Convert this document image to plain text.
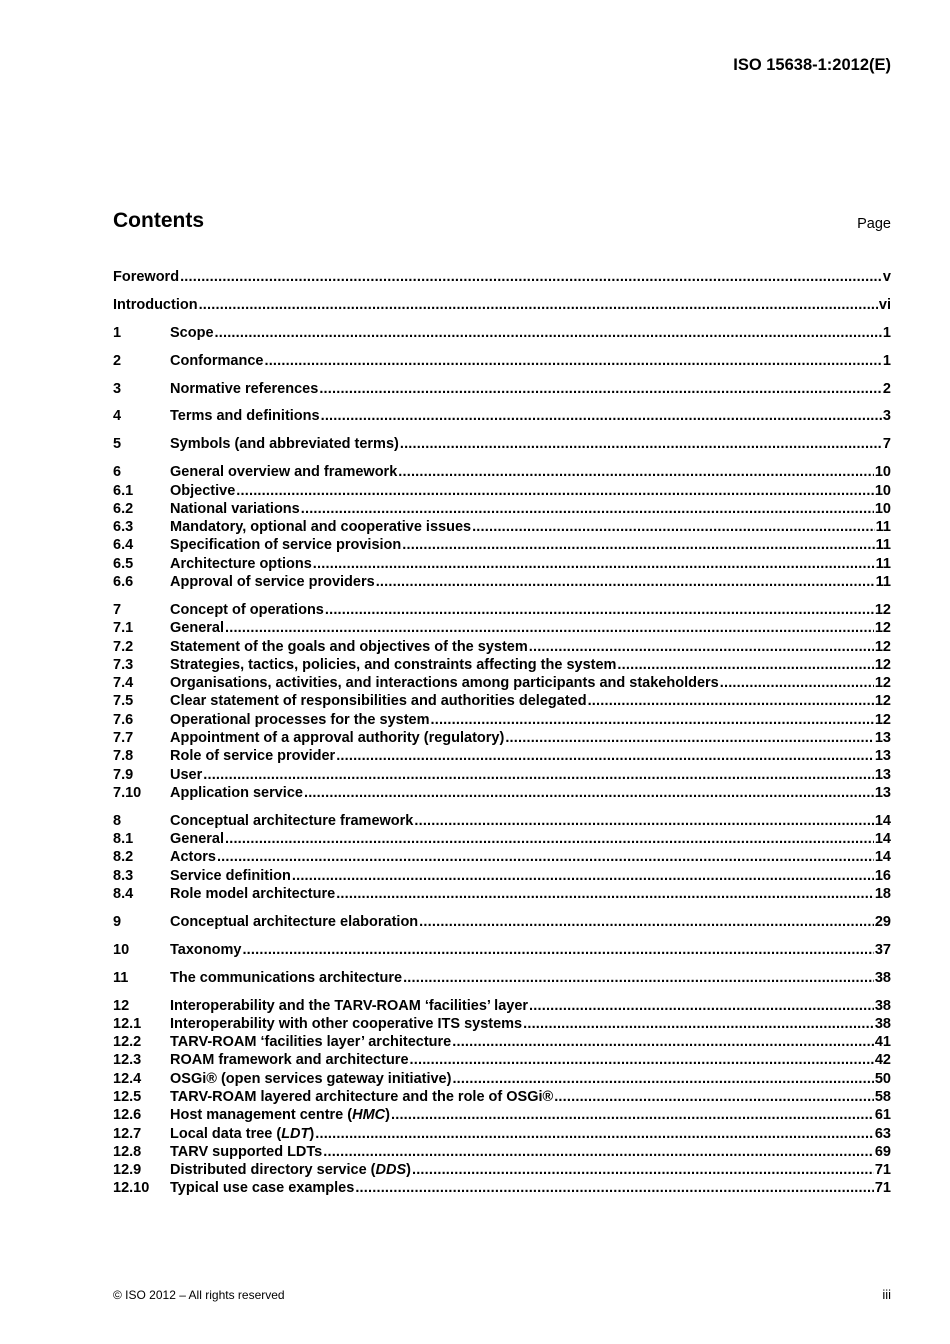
ISO 15638-1:2012(E)
Contents	Page
Foreword .....	v
Introduction .....	vi
1	Scope .....	1
2	Conformance .....	1
3	Normative references .....	2
4	Terms and definitions .....	3
5	Symbols (and abbreviated terms) .....	7
6	General overview and framework .....	10
6.1	Objective .....	10
6.2	National variations .....	10
6.3	Mandatory, optional and cooperative issues .....	11
6.4	Specification of service provision .....	11
6.5	Architecture options .....	11
6.6	Approval of service providers .....	11
7	Concept of operations .....	12
7.1	General .....	12
7.2	Statement of the goals and objectives of the system .....	12
7.3	Strategies, tactics, policies, and constraints affecting the system .....	12
7.4	Organisations, activities, and interactions among participants and stakeholders .....	12
7.5	Clear statement of responsibilities and authorities delegated .....	12
7.6	Operational processes for the system .....	12
7.7	Appointment of a approval authority (regulatory) .....	13
7.8	Role of service provider .....	13
7.9	User .....	13
7.10	Application service .....	13
8	Conceptual architecture framework .....	14
8.1	General .....	14
8.2	Actors .....	14
8.3	Service definition .....	16
8.4	Role model architecture .....	18
9	Conceptual architecture elaboration .....	29
10	Taxonomy .....	37
11	The communications architecture .....	38
12	Interoperability and the TARV-ROAM ‘facilities’ layer .....	38
12.1	Interoperability with other cooperative ITS systems .....	38
12.2	TARV-ROAM ‘facilities layer’ architecture .....	41
12.3	ROAM framework and architecture .....	42
12.4	OSGi® (open services gateway initiative) .....	50
12.5	TARV-ROAM layered architecture and the role of OSGi® .....	58
12.6	Host management centre (HMC) .....	61
12.7	Local data tree (LDT) .....	63
12.8	TARV supported LDTs .....	69
12.9	Distributed directory service (DDS) .....	71
12.10	Typical use case examples .....	71
© ISO 2012 – All rights reserved	iii
